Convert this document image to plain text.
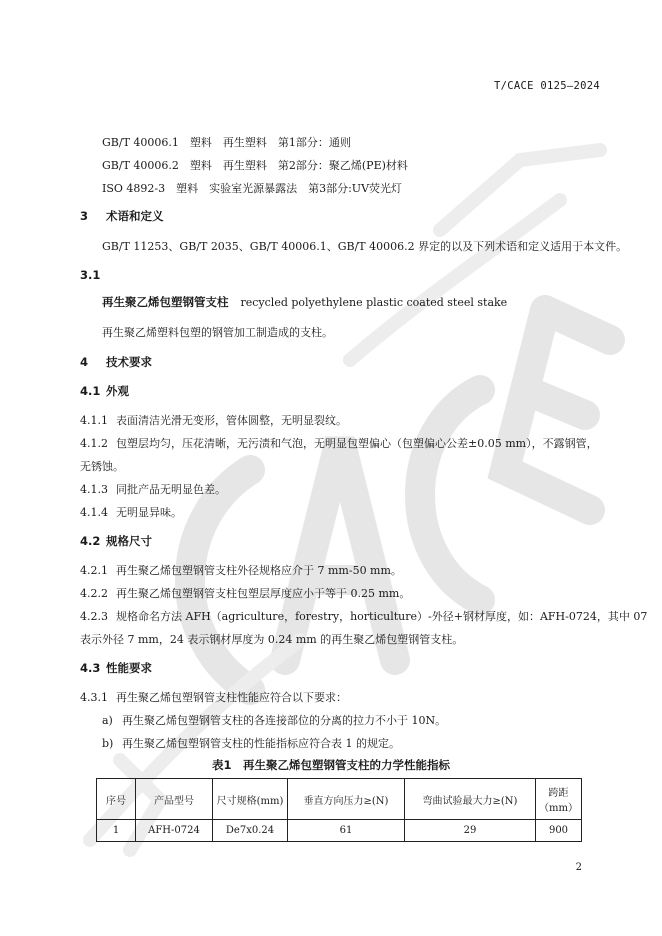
T/CACE 0125—2024
GB/T 40006.1　塑料　再生塑料　第1部分：通则
GB/T 40006.2　塑料　再生塑料　第2部分：聚乙烯(PE)材料
ISO 4892-3　塑料　实验室光源暴露法　第3部分:UV荧光灯
3 术语和定义
GB/T 11253、GB/T 2035、GB/T 40006.1、GB/T 40006.2 界定的以及下列术语和定义适用于本文件。
3.1
再生聚乙烯包塑钢管支柱 recycled polyethylene plastic coated steel stake
再生聚乙烯塑料包塑的钢管加工制造成的支柱。
4 技术要求
4.1 外观
4.1.1 表面清洁光滑无变形，管体圆整，无明显裂纹。
4.1.2 包塑层均匀，压花清晰，无污渍和气泡，无明显包塑偏心（包塑偏心公差±0.05 mm），不露钢管，
无锈蚀。
4.1.3 同批产品无明显色差。
4.1.4 无明显异味。
4.2 规格尺寸
4.2.1 再生聚乙烯包塑钢管支柱外径规格应介于 7 mm-50 mm。
4.2.2 再生聚乙烯包塑钢管支柱包塑层厚度应小于等于 0.25 mm。
4.2.3 规格命名方法 AFH（agriculture，forestry，horticulture）-外径+钢材厚度，如：AFH-0724，其中 07
表示外径 7 mm，24 表示钢材厚度为 0.24 mm 的再生聚乙烯包塑钢管支柱。
4.3 性能要求
4.3.1 再生聚乙烯包塑钢管支柱性能应符合以下要求：
a) 再生聚乙烯包塑钢管支柱的各连接部位的分离的拉力不小于 10N。
b) 再生聚乙烯包塑钢管支柱的性能指标应符合表 1 的规定。
表1　再生聚乙烯包塑钢管支柱的力学性能指标
序号	产品型号	尺寸规格(mm)	垂直方向压力≥(N)	弯曲试验最大力≥(N)	跨距
（mm）

1	AFH-0724	De7x0.24	61	29	900
2
